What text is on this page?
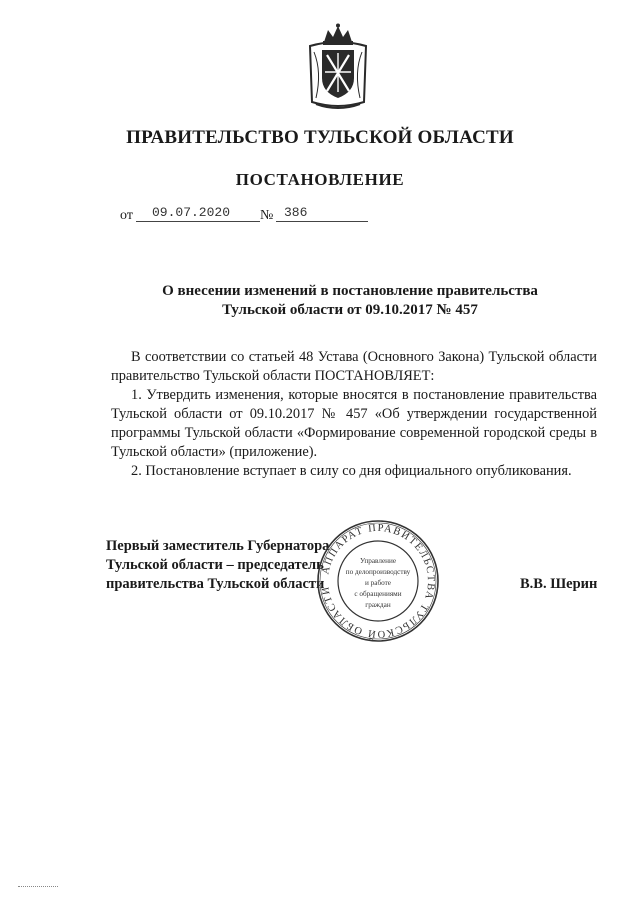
ПРАВИТЕЛЬСТВО ТУЛЬСКОЙ ОБЛАСТИ
ПОСТАНОВЛЕНИЕ
от 09.07.2020 № 386
О внесении изменений в постановление правительства
Тульской области от 09.10.2017 № 457

В соответствии со статьей 48 Устава (Основного Закона) Тульской области правительство Тульской области ПОСТАНОВЛЯЕТ:

1. Утвердить изменения, которые вносятся в постановление правительства Тульской области от 09.10.2017 № 457 «Об утверждении государственной программы Тульской области «Формирование современной городской среды в Тульской области» (приложение).

2. Постановление вступает в силу со дня официального опубликования.

Первый заместитель Губернатора
Тульской области – председатель
правительства Тульской области
АППАРАТ ПРАВИТЕЛЬСТВА ТУЛЬСКОЙ ОБЛАСТИ
Управление
по делопроизводству
и работе
с обращениями
граждан
В.В. Шерин
